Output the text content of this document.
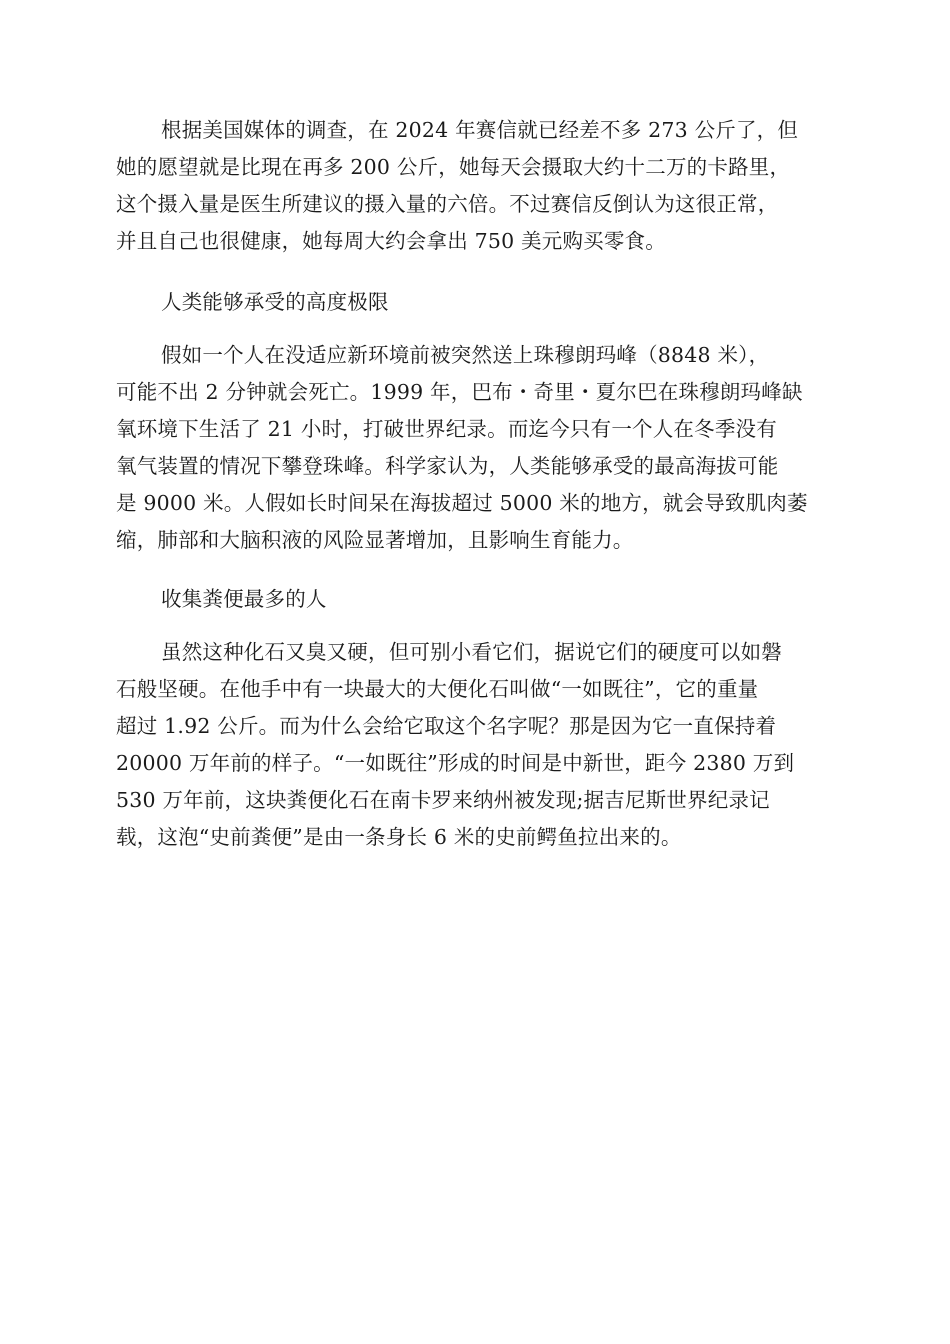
根据美国媒体的调查，在 2024 年赛信就已经差不多 273 公斤了，但
她的愿望就是比現在再多 200 公斤，她每天会摄取大约十二万的卡路里，
这个摄入量是医生所建议的摄入量的六倍。不过赛信反倒认为这很正常，
并且自己也很健康，她每周大约会拿出 750 美元购买零食。
人类能够承受的高度极限
假如一个人在没适应新环境前被突然送上珠穆朗玛峰（8848 米），
可能不出 2 分钟就会死亡。1999 年，巴布・奇里・夏尔巴在珠穆朗玛峰缺
氧环境下生活了 21 小时，打破世界纪录。而迄今只有一个人在冬季没有
氧气装置的情况下攀登珠峰。科学家认为，人类能够承受的最高海拔可能
是 9000 米。人假如长时间呆在海拔超过 5000 米的地方，就会导致肌肉萎
缩，肺部和大脑积液的风险显著增加，且影响生育能力。
收集粪便最多的人
虽然这种化石又臭又硬，但可别小看它们，据说它们的硬度可以如磐
石般坚硬。在他手中有一块最大的大便化石叫做“一如既往”，它的重量
超过 1.92 公斤。而为什么会给它取这个名字呢？那是因为它一直保持着
20000 万年前的样子。“一如既往”形成的时间是中新世，距今 2380 万到
530 万年前，这块粪便化石在南卡罗来纳州被发现;据吉尼斯世界纪录记
载，这泡“史前粪便”是由一条身长 6 米的史前鳄鱼拉出来的。
